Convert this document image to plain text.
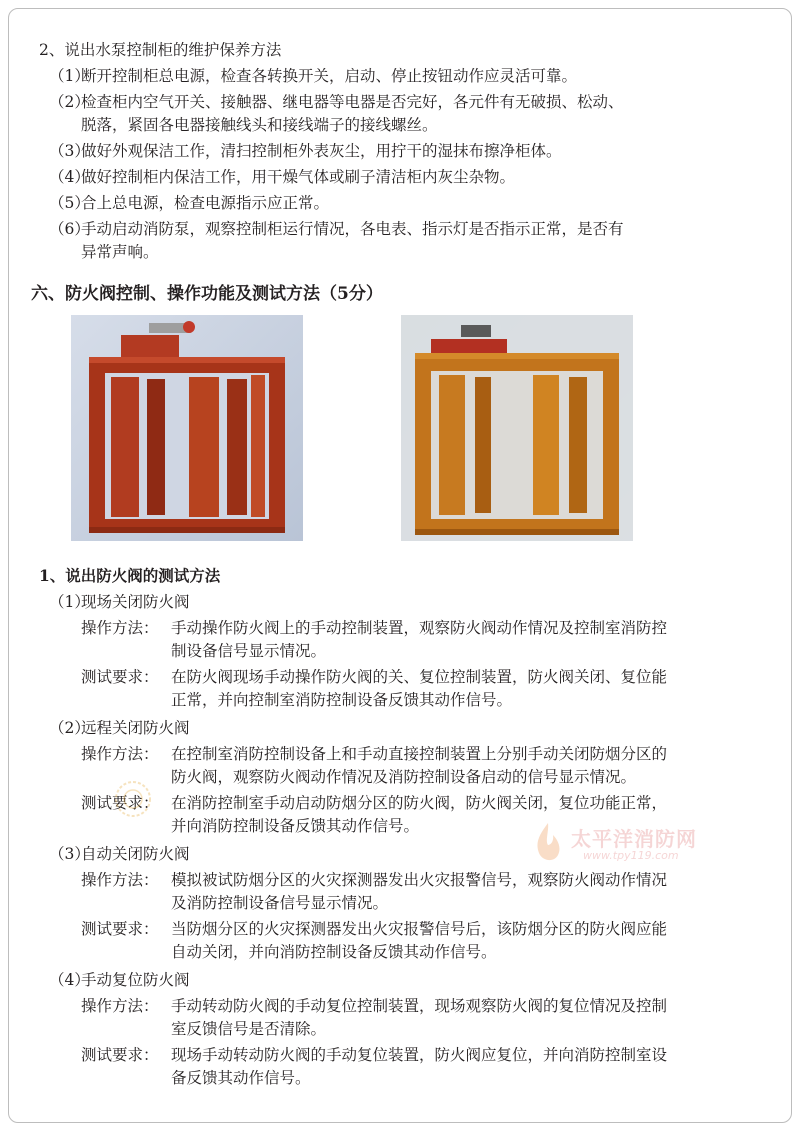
2、说出水泵控制柜的维护保养方法
（1）断开控制柜总电源，检查各转换开关，启动、停止按钮动作应灵活可靠。
（2）检查柜内空气开关、接触器、继电器等电器是否完好，各元件有无破损、松动、
脱落，紧固各电器接触线头和接线端子的接线螺丝。
（3）做好外观保洁工作，清扫控制柜外表灰尘，用拧干的湿抹布擦净柜体。
（4）做好控制柜内保洁工作，用干燥气体或刷子清洁柜内灰尘杂物。
（5）合上总电源，检查电源指示应正常。
（6）手动启动消防泵，观察控制柜运行情况，各电表、指示灯是否指示正常，是否有
异常声响。
六、防火阀控制、操作功能及测试方法（5分）
1、说出防火阀的测试方法
（1）现场关闭防火阀
操作方法： 手动操作防火阀上的手动控制装置，观察防火阀动作情况及控制室消防控
制设备信号显示情况。
测试要求： 在防火阀现场手动操作防火阀的关、复位控制装置，防火阀关闭、复位能
正常，并向控制室消防控制设备反馈其动作信号。
（2）远程关闭防火阀
操作方法： 在控制室消防控制设备上和手动直接控制装置上分别手动关闭防烟分区的
防火阀，观察防火阀动作情况及消防控制设备启动的信号显示情况。
测试要求： 在消防控制室手动启动防烟分区的防火阀，防火阀关闭，复位功能正常，
并向消防控制设备反馈其动作信号。
（3）自动关闭防火阀
操作方法： 模拟被试防烟分区的火灾探测器发出火灾报警信号，观察防火阀动作情况
及消防控制设备信号显示情况。
测试要求： 当防烟分区的火灾探测器发出火灾报警信号后，该防烟分区的防火阀应能
自动关闭，并向消防控制设备反馈其动作信号。
（4）手动复位防火阀
操作方法： 手动转动防火阀的手动复位控制装置，现场观察防火阀的复位情况及控制
室反馈信号是否清除。
测试要求： 现场手动转动防火阀的手动复位装置，防火阀应复位，并向消防控制室设
备反馈其动作信号。
太平洋消防网
www.tpy119.com
